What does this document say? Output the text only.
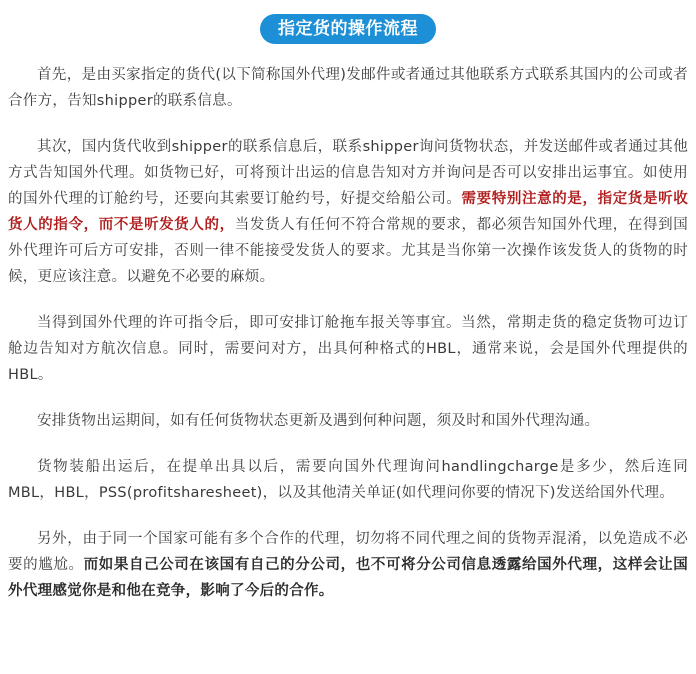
指定货的操作流程

首先，是由买家指定的货代(以下简称国外代理)发邮件或者通过其他联系方式联系其国内的公司或者合作方，告知shipper的联系信息。

其次，国内货代收到shipper的联系信息后，联系shipper询问货物状态，并发送邮件或者通过其他方式告知国外代理。如货物已好，可将预计出运的信息告知对方并询问是否可以安排出运事宜。如使用的国外代理的订舱约号，还要向其索要订舱约号，好提交给船公司。需要特别注意的是，指定货是听收货人的指令，而不是听发货人的，当发货人有任何不符合常规的要求，都必须告知国外代理，在得到国外代理许可后方可安排，否则一律不能接受发货人的要求。尤其是当你第一次操作该发货人的货物的时候，更应该注意。以避免不必要的麻烦。

当得到国外代理的许可指令后，即可安排订舱拖车报关等事宜。当然，常期走货的稳定货物可边订舱边告知对方航次信息。同时，需要问对方，出具何种格式的HBL，通常来说，会是国外代理提供的HBL。

安排货物出运期间，如有任何货物状态更新及遇到何种问题，须及时和国外代理沟通。

货物装船出运后，在提单出具以后，需要向国外代理询问handlingcharge是多少，然后连同MBL，HBL，PSS(profitsharesheet)，以及其他清关单证(如代理问你要的情况下)发送给国外代理。

另外，由于同一个国家可能有多个合作的代理，切勿将不同代理之间的货物弄混淆，以免造成不必要的尴尬。而如果自己公司在该国有自己的分公司，也不可将分公司信息透露给国外代理，这样会让国外代理感觉你是和他在竞争，影响了今后的合作。
